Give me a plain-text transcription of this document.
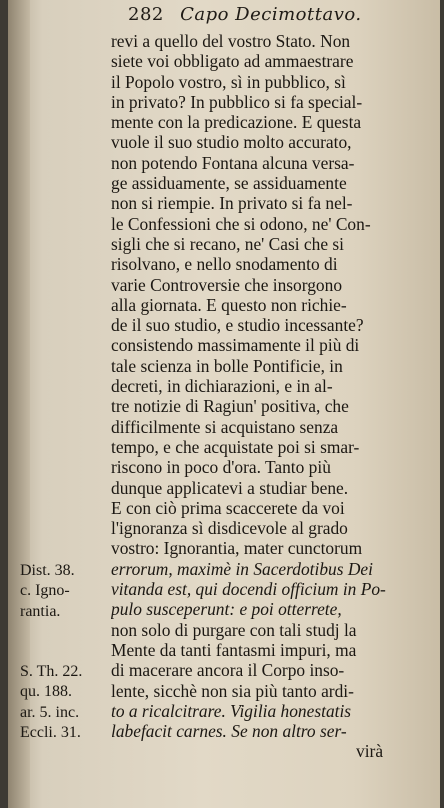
282 Capo Decimottavo.
revi a quello del vostro Stato. Non
siete voi obbligato ad ammaestrare
il Popolo vostro, sì in pubblico, sì
in privato? In pubblico si fa special-
mente con la predicazione. E questa
vuole il suo studio molto accurato,
non potendo Fontana alcuna versa-
ge assiduamente, se assiduamente
non si riempie. In privato si fa nel-
le Confessioni che si odono, ne' Con-
sigli che si recano, ne' Casi che si
risolvano, e nello snodamento di
varie Controversie che insorgono
alla giornata. E questo non richie-
de il suo studio, e studio incessante?
consistendo massimamente il più di
tale scienza in bolle Pontificie, in
decreti, in dichiarazioni, e in al-
tre notizie di Ragiun' positiva, che
difficilmente si acquistano senza
tempo, e che acquistate poi si smar-
riscono in poco d'ora. Tanto più
dunque applicatevi a studiar bene.
E con ciò prima scaccerete da voi
l'ignoranza sì disdicevole al grado
vostro: Ignorantia, mater cunctorum
errorum, maximè in Sacerdotibus Dei
vitanda est, qui docendi officium in Po-
pulo susceperunt: e poi otterrete,
non solo di purgare con tali studj la
Mente da tanti fantasmi impuri, ma
di macerare ancora il Corpo inso-
lente, sicchè non sia più tanto ardi-
to a ricalcitrare. Vigilia honestatis
labefacit carnes. Se non altro ser-
virà
Dist. 38.
c. Igno-
rantia.
S. Th. 22.
qu. 188.
ar. 5. inc.
Eccli. 31.
